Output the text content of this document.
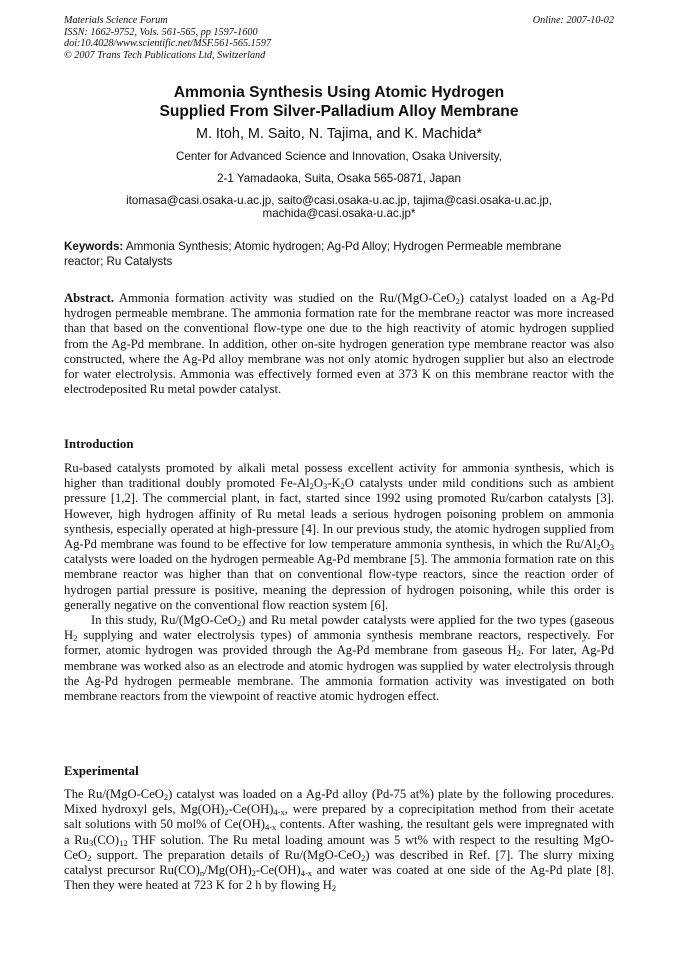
Materials Science Forum
ISSN: 1662-9752, Vols. 561-565, pp 1597-1600
doi:10.4028/www.scientific.net/MSF.561-565.1597
© 2007 Trans Tech Publications Ltd, Switzerland
Online: 2007-10-02
Ammonia Synthesis Using Atomic Hydrogen
Supplied From Silver-Palladium Alloy Membrane
M. Itoh, M. Saito, N. Tajima, and K. Machida*
Center for Advanced Science and Innovation, Osaka University,
2-1 Yamadaoka, Suita, Osaka 565-0871, Japan
itomasa@casi.osaka-u.ac.jp, saito@casi.osaka-u.ac.jp, tajima@casi.osaka-u.ac.jp,
machida@casi.osaka-u.ac.jp*
Keywords: Ammonia Synthesis; Atomic hydrogen; Ag-Pd Alloy; Hydrogen Permeable membrane
reactor; Ru Catalysts

Abstract. Ammonia formation activity was studied on the Ru/(MgO-CeO$_2$) catalyst loaded on a Ag-Pd hydrogen permeable membrane. The ammonia formation rate for the membrane reactor was more increased than that based on the conventional flow-type one due to the high reactivity of atomic hydrogen supplied from the Ag-Pd membrane. In addition, other on-site hydrogen generation type membrane reactor was also constructed, where the Ag-Pd alloy membrane was not only atomic hydrogen supplier but also an electrode for water electrolysis. Ammonia was effectively formed even at 373 K on this membrane reactor with the electrodeposited Ru metal powder catalyst.

Introduction

Ru-based catalysts promoted by alkali metal possess excellent activity for ammonia synthesis, which is higher than traditional doubly promoted $Fe-Al_2O_3-K_2O$ catalysts under mild conditions such as ambient pressure [1,2]. The commercial plant, in fact, started since 1992 using promoted Ru/carbon catalysts [3]. However, high hydrogen affinity of Ru metal leads a serious hydrogen poisoning problem on ammonia synthesis, especially operated at high-pressure [4]. In our previous study, the atomic hydrogen supplied from Ag-Pd membrane was found to be effective for low temperature ammonia synthesis, in which the $Ru/Al_2O_3$ catalysts were loaded on the hydrogen permeable Ag-Pd membrane [5]. The ammonia formation rate on this membrane reactor was higher than that on conventional flow-type reactors, since the reaction order of hydrogen partial pressure is positive, meaning the depression of hydrogen poisoning, while this order is generally negative on the conventional flow reaction system [6].

In this study, Ru/(MgO-CeO$_2$) and Ru metal powder catalysts were applied for the two types (gaseous $H_2$ supplying and water electrolysis types) of ammonia synthesis membrane reactors, respectively. For former, atomic hydrogen was provided through the Ag-Pd membrane from gaseous $H_2$. For later, Ag-Pd membrane was worked also as an electrode and atomic hydrogen was supplied by water electrolysis through the Ag-Pd hydrogen permeable membrane. The ammonia formation activity was investigated on both membrane reactors from the viewpoint of reactive atomic hydrogen effect.

Experimental

The Ru/(MgO-CeO$_2$) catalyst was loaded on a Ag-Pd alloy (Pd-75 at%) plate by the following procedures. Mixed hydroxyl gels, $Mg(OH)_2-Ce(OH)_{4-x}$, were prepared by a coprecipitation method from their acetate salt solutions with 50 mol% of $Ce(OH)_{4-x}$ contents. After washing, the resultant gels were impregnated with a $Ru_3(CO)_{12}$ THF solution. The Ru metal loading amount was 5 wt% with respect to the resulting MgO-CeO$_2$ support. The preparation details of Ru/(MgO-CeO$_2$) was described in Ref. [7]. The slurry mixing catalyst precursor $Ru(CO)_n/Mg(OH)_2-Ce(OH)_{4-x}$ and water was coated at one side of the Ag-Pd plate [8]. Then they were heated at 723 K for 2 h by flowing $H_2$
